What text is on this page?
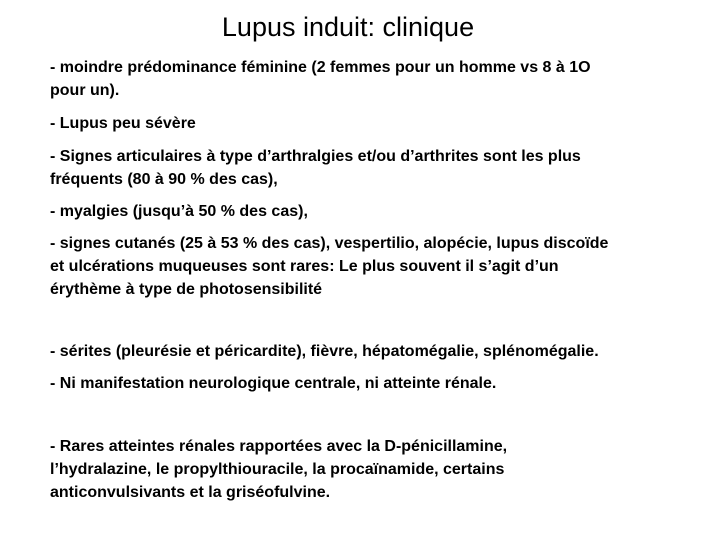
Lupus induit: clinique

- moindre prédominance féminine (2 femmes pour un homme vs 8 à 1O
pour un).

- Lupus peu sévère

- Signes articulaires à type d’arthralgies et/ou d’arthrites sont les plus
fréquents (80 à 90 % des cas),

- myalgies (jusqu’à 50 % des cas),

- signes cutanés (25 à 53 % des cas), vespertilio, alopécie, lupus discoïde
et ulcérations muqueuses sont rares: Le plus souvent il s’agit d’un
érythème à type de photosensibilité

- sérites (pleurésie et péricardite), fièvre, hépatomégalie, splénomégalie.

- Ni manifestation neurologique centrale, ni atteinte rénale.

- Rares atteintes rénales rapportées avec la D-pénicillamine,
l’hydralazine, le propylthiouracile, la procaïnamide, certains
anticonvulsivants et la griséofulvine.
